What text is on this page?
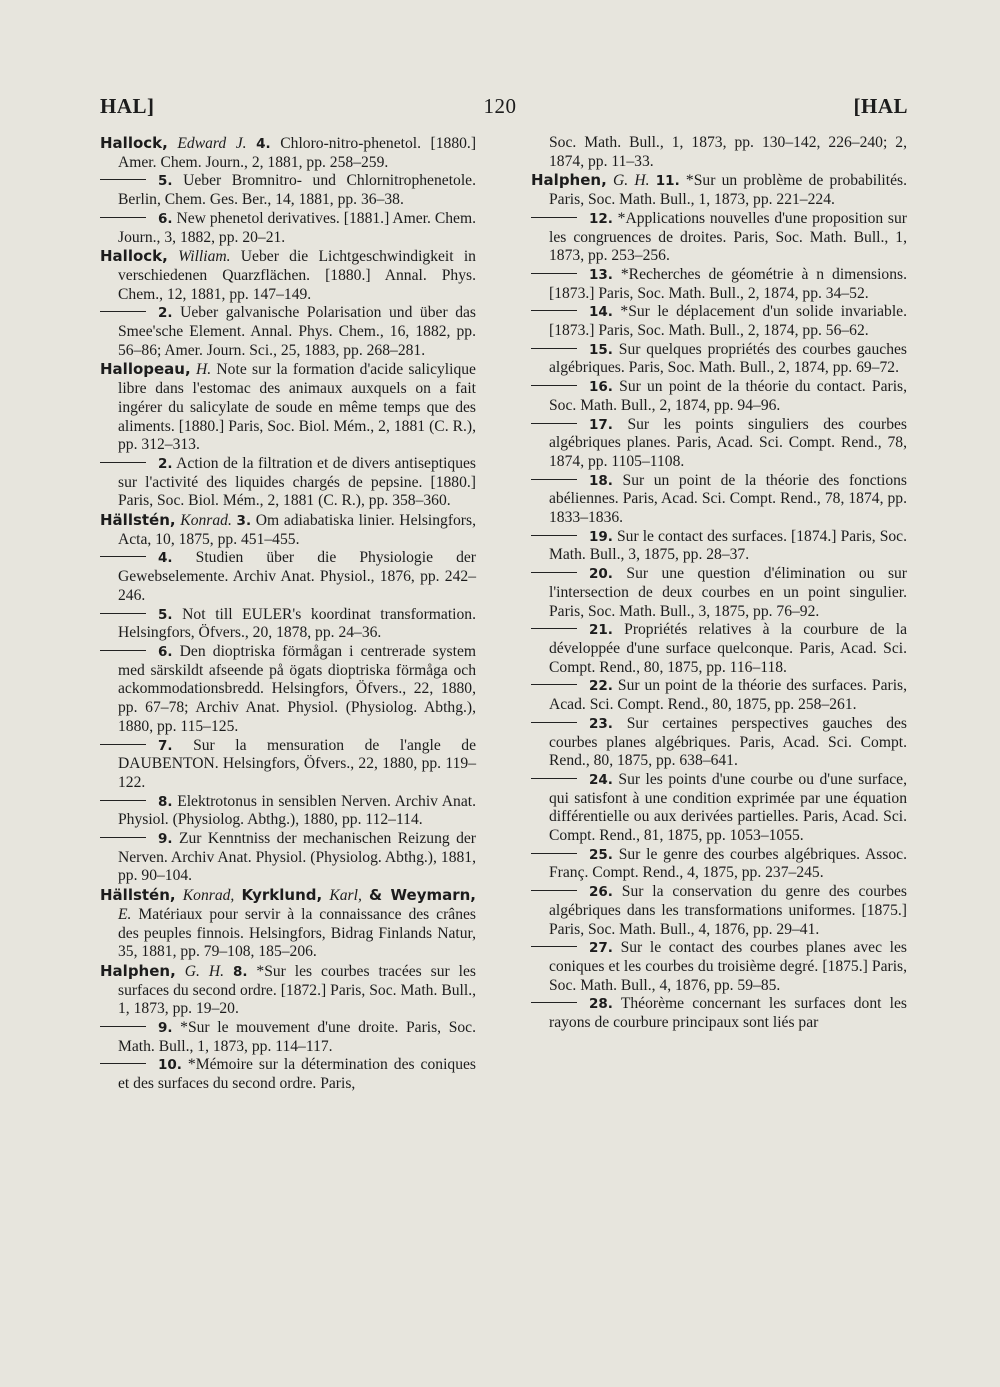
HAL]	120	[HAL

Hallock, Edward J. 4. Chloro-nitro-phenetol. [1880.] Amer. Chem. Journ., 2, 1881, pp. 258–259.

5. Ueber Bromnitro- und Chlornitrophenetole. Berlin, Chem. Ges. Ber., 14, 1881, pp. 36–38.

6. New phenetol derivatives. [1881.] Amer. Chem. Journ., 3, 1882, pp. 20–21.

Hallock, William. Ueber die Lichtgeschwindigkeit in verschiedenen Quarzflächen. [1880.] Annal. Phys. Chem., 12, 1881, pp. 147–149.

2. Ueber galvanische Polarisation und über das Smee'sche Element. Annal. Phys. Chem., 16, 1882, pp. 56–86; Amer. Journ. Sci., 25, 1883, pp. 268–281.

Hallopeau, H. Note sur la formation d'acide salicylique libre dans l'estomac des animaux auxquels on a fait ingérer du salicylate de soude en même temps que des aliments. [1880.] Paris, Soc. Biol. Mém., 2, 1881 (C. R.), pp. 312–313.

2. Action de la filtration et de divers antiseptiques sur l'activité des liquides chargés de pepsine. [1880.] Paris, Soc. Biol. Mém., 2, 1881 (C. R.), pp. 358–360.

Hällstén, Konrad. 3. Om adiabatiska linier. Helsingfors, Acta, 10, 1875, pp. 451–455.

4. Studien über die Physiologie der Gewebselemente. Archiv Anat. Physiol., 1876, pp. 242–246.

5. Not till EULER's koordinat transformation. Helsingfors, Öfvers., 20, 1878, pp. 24–36.

6. Den dioptriska förmågan i centrerade system med särskildt afseende på ögats dioptriska förmåga och ackommodationsbredd. Helsingfors, Öfvers., 22, 1880, pp. 67–78; Archiv Anat. Physiol. (Physiolog. Abthg.), 1880, pp. 115–125.

7. Sur la mensuration de l'angle de DAUBENTON. Helsingfors, Öfvers., 22, 1880, pp. 119–122.

8. Elektrotonus in sensiblen Nerven. Archiv Anat. Physiol. (Physiolog. Abthg.), 1880, pp. 112–114.

9. Zur Kenntniss der mechanischen Reizung der Nerven. Archiv Anat. Physiol. (Physiolog. Abthg.), 1881, pp. 90–104.

Hällstén, Konrad, Kyrklund, Karl, & Weymarn, E. Matériaux pour servir à la connaissance des crânes des peuples finnois. Helsingfors, Bidrag Finlands Natur, 35, 1881, pp. 79–108, 185–206.

Halphen, G. H. 8. *Sur les courbes tracées sur les surfaces du second ordre. [1872.] Paris, Soc. Math. Bull., 1, 1873, pp. 19–20.

9. *Sur le mouvement d'une droite. Paris, Soc. Math. Bull., 1, 1873, pp. 114–117.

10. *Mémoire sur la détermination des coniques et des surfaces du second ordre. Paris,

Soc. Math. Bull., 1, 1873, pp. 130–142, 226–240; 2, 1874, pp. 11–33.

Halphen, G. H. 11. *Sur un problème de probabilités. Paris, Soc. Math. Bull., 1, 1873, pp. 221–224.

12. *Applications nouvelles d'une proposition sur les congruences de droites. Paris, Soc. Math. Bull., 1, 1873, pp. 253–256.

13. *Recherches de géométrie à n dimensions. [1873.] Paris, Soc. Math. Bull., 2, 1874, pp. 34–52.

14. *Sur le déplacement d'un solide invariable. [1873.] Paris, Soc. Math. Bull., 2, 1874, pp. 56–62.

15. Sur quelques propriétés des courbes gauches algébriques. Paris, Soc. Math. Bull., 2, 1874, pp. 69–72.

16. Sur un point de la théorie du contact. Paris, Soc. Math. Bull., 2, 1874, pp. 94–96.

17. Sur les points singuliers des courbes algébriques planes. Paris, Acad. Sci. Compt. Rend., 78, 1874, pp. 1105–1108.

18. Sur un point de la théorie des fonctions abéliennes. Paris, Acad. Sci. Compt. Rend., 78, 1874, pp. 1833–1836.

19. Sur le contact des surfaces. [1874.] Paris, Soc. Math. Bull., 3, 1875, pp. 28–37.

20. Sur une question d'élimination ou sur l'intersection de deux courbes en un point singulier. Paris, Soc. Math. Bull., 3, 1875, pp. 76–92.

21. Propriétés relatives à la courbure de la développée d'une surface quelconque. Paris, Acad. Sci. Compt. Rend., 80, 1875, pp. 116–118.

22. Sur un point de la théorie des surfaces. Paris, Acad. Sci. Compt. Rend., 80, 1875, pp. 258–261.

23. Sur certaines perspectives gauches des courbes planes algébriques. Paris, Acad. Sci. Compt. Rend., 80, 1875, pp. 638–641.

24. Sur les points d'une courbe ou d'une surface, qui satisfont à une condition exprimée par une équation différentielle ou aux derivées partielles. Paris, Acad. Sci. Compt. Rend., 81, 1875, pp. 1053–1055.

25. Sur le genre des courbes algébriques. Assoc. Franç. Compt. Rend., 4, 1875, pp. 237–245.

26. Sur la conservation du genre des courbes algébriques dans les transformations uniformes. [1875.] Paris, Soc. Math. Bull., 4, 1876, pp. 29–41.

27. Sur le contact des courbes planes avec les coniques et les courbes du troisième degré. [1875.] Paris, Soc. Math. Bull., 4, 1876, pp. 59–85.

28. Théorème concernant les surfaces dont les rayons de courbure principaux sont liés par
